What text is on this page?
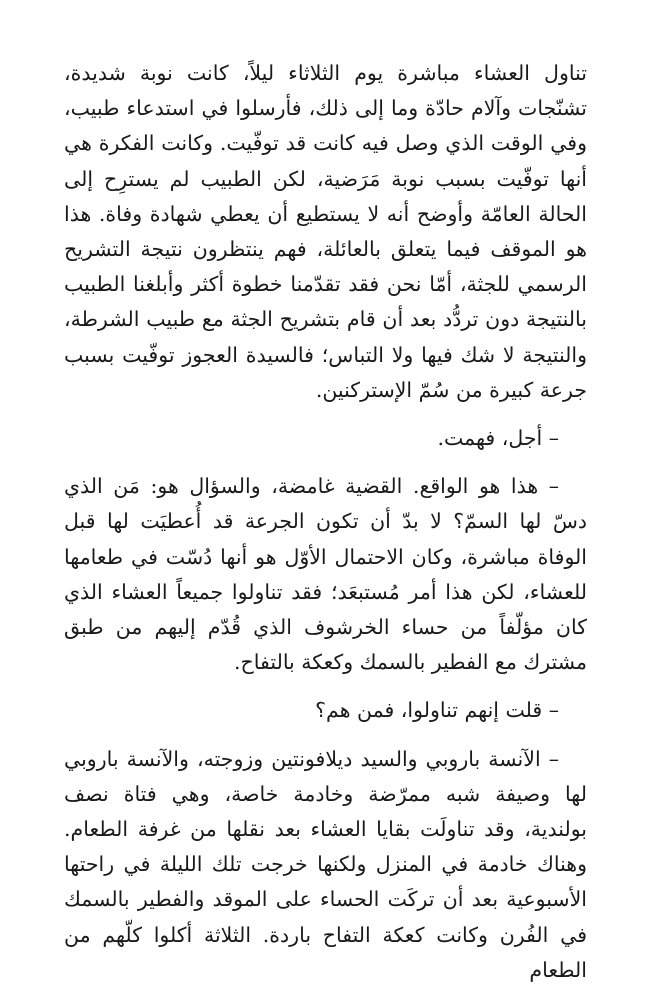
تناول العشاء مباشرة يوم الثلاثاء ليلاً، كانت نوبة شديدة، تشنّجات وآلام حادّة وما إلى ذلك، فأرسلوا في استدعاء طبيب، وفي الوقت الذي وصل فيه كانت قد توفّيت. وكانت الفكرة هي أنها توفّيت بسبب نوبة مَرَضية، لكن الطبيب لم يسترِح إلى الحالة العامّة وأوضح أنه لا يستطيع أن يعطي شهادة وفاة. هذا هو الموقف فيما يتعلق بالعائلة، فهم ينتظرون نتيجة التشريح الرسمي للجثة، أمّا نحن فقد تقدّمنا خطوة أكثر وأبلغنا الطبيب بالنتيجة دون تردُّد بعد أن قام بتشريح الجثة مع طبيب الشرطة، والنتيجة لا شك فيها ولا التباس؛ فالسيدة العجوز توفّيت بسبب جرعة كبيرة من سُمّ الإستركنين.

– أجل، فهمت.

– هذا هو الواقع. القضية غامضة، والسؤال هو: مَن الذي دسّ لها السمّ؟ لا بدّ أن تكون الجرعة قد أُعطيَت لها قبل الوفاة مباشرة، وكان الاحتمال الأوّل هو أنها دُسّت في طعامها للعشاء، لكن هذا أمر مُستبعَد؛ فقد تناولوا جميعاً العشاء الذي كان مؤلّفاً من حساء الخرشوف الذي قُدّم إليهم من طبق مشترك مع الفطير بالسمك وكعكة بالتفاح.

– قلت إنهم تناولوا، فمن هم؟

– الآنسة باروبي والسيد ديلافونتين وزوجته، والآنسة باروبي لها وصيفة شبه ممرّضة وخادمة خاصة، وهي فتاة نصف بولندية، وقد تناولَت بقايا العشاء بعد نقلها من غرفة الطعام. وهناك خادمة في المنزل ولكنها خرجت تلك الليلة في راحتها الأسبوعية بعد أن تركَت الحساء على الموقد والفطير بالسمك في الفُرن وكانت كعكة التفاح باردة. الثلاثة أكلوا كلّهم من الطعام
